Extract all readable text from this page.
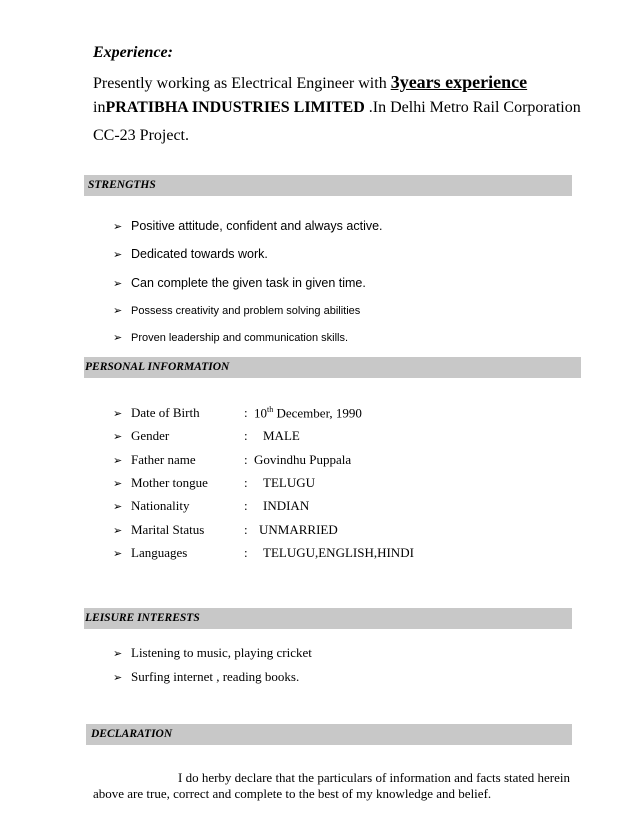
Experience:
Presently working as Electrical Engineer with 3years experience
inPRATIBHA INDUSTRIES LIMITED .In Delhi Metro Rail Corporation
CC-23 Project.
STRENGTHS
➢ Positive attitude, confident and always active.
➢ Dedicated towards work.
➢ Can complete the given task in given time.
➢ Possess creativity and problem solving abilities
➢ Proven leadership and communication skills.
PERSONAL INFORMATION
➢ Date of Birth	: 10th December, 1990
➢ Gender	: MALE
➢ Father name	: Govindhu Puppala
➢ Mother tongue	: TELUGU
➢ Nationality	: INDIAN
➢ Marital Status	: UNMARRIED
➢ Languages	: TELUGU,ENGLISH,HINDI
LEISURE INTERESTS
➢ Listening to music, playing cricket
➢ Surfing internet , reading books.
DECLARATION
I do herby declare that the particulars of information and facts stated herein
above are true, correct and complete to the best of my knowledge and belief.
